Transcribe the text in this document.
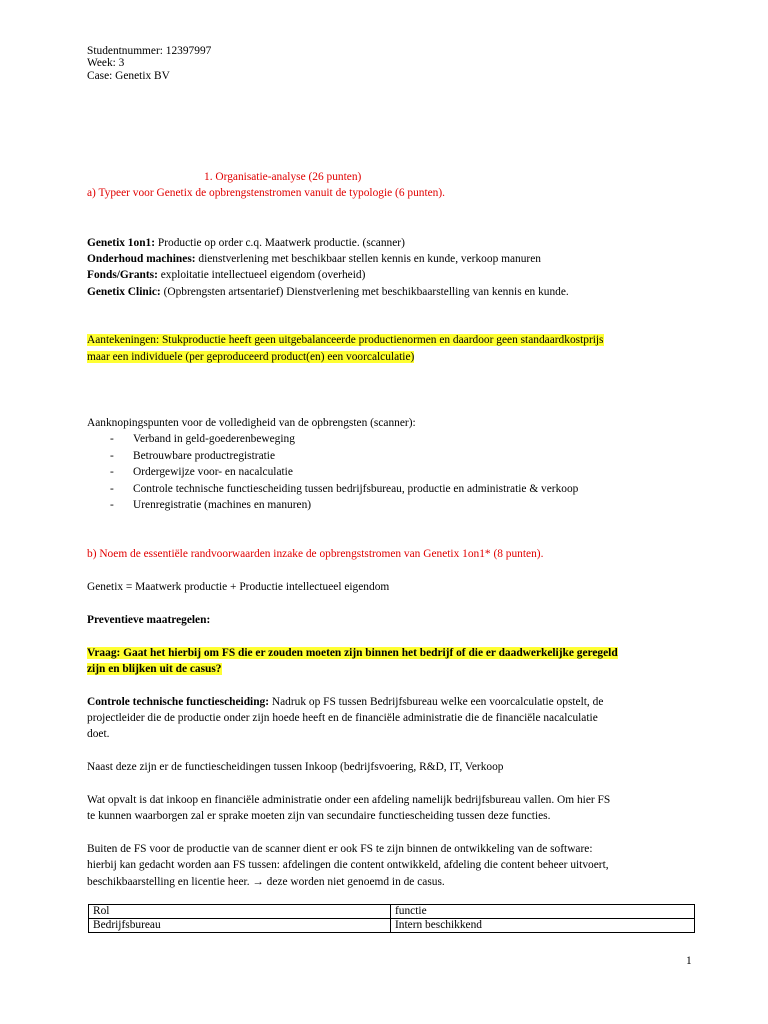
Studentnummer: 12397997

Week: 3

Case: Genetix BV

1. Organisatie-analyse (26 punten)

a) Typeer voor Genetix de opbrengstenstromen vanuit de typologie (6 punten).

Genetix 1on1: Productie op order c.q. Maatwerk productie. (scanner)

Onderhoud machines: dienstverlening met beschikbaar stellen kennis en kunde, verkoop manuren

Fonds/Grants: exploitatie intellectueel eigendom (overheid)

Genetix Clinic: (Opbrengsten artsentarief) Dienstverlening met beschikbaarstelling van kennis en kunde.

Aantekeningen: Stukproductie heeft geen uitgebalanceerde productienormen en daardoor geen standaardkostprijs

maar een individuele (per geproduceerd product(en) een voorcalculatie)

Aanknopingspunten voor de volledigheid van de opbrengsten (scanner):

- Verband in geld-goederenbeweging
- Betrouwbare productregistratie
- Ordergewijze voor- en nacalculatie
- Controle technische functiescheiding tussen bedrijfsbureau, productie en administratie & verkoop
- Urenregistratie (machines en manuren)

b) Noem de essentiële randvoorwaarden inzake de opbrengststromen van Genetix 1on1* (8 punten).

Genetix = Maatwerk productie + Productie intellectueel eigendom

Preventieve maatregelen:

Vraag: Gaat het hierbij om FS die er zouden moeten zijn binnen het bedrijf of die er daadwerkelijke geregeld

zijn en blijken uit de casus?

Controle technische functiescheiding: Nadruk op FS tussen Bedrijfsbureau welke een voorcalculatie opstelt, de

projectleider die de productie onder zijn hoede heeft en de financiële administratie die de financiële nacalculatie

doet.

Naast deze zijn er de functiescheidingen tussen Inkoop (bedrijfsvoering, R&D, IT, Verkoop

Wat opvalt is dat inkoop en financiële administratie onder een afdeling namelijk bedrijfsbureau vallen. Om hier FS

te kunnen waarborgen zal er sprake moeten zijn van secundaire functiescheiding tussen deze functies.

Buiten de FS voor de productie van de scanner dient er ook FS te zijn binnen de ontwikkeling van de software:

hierbij kan gedacht worden aan FS tussen: afdelingen die content ontwikkeld, afdeling die content beheer uitvoert,

beschikbaarstelling en licentie heer. → deze worden niet genoemd in de casus.

Rol	functie
Bedrijfsbureau	Intern beschikkend
1
